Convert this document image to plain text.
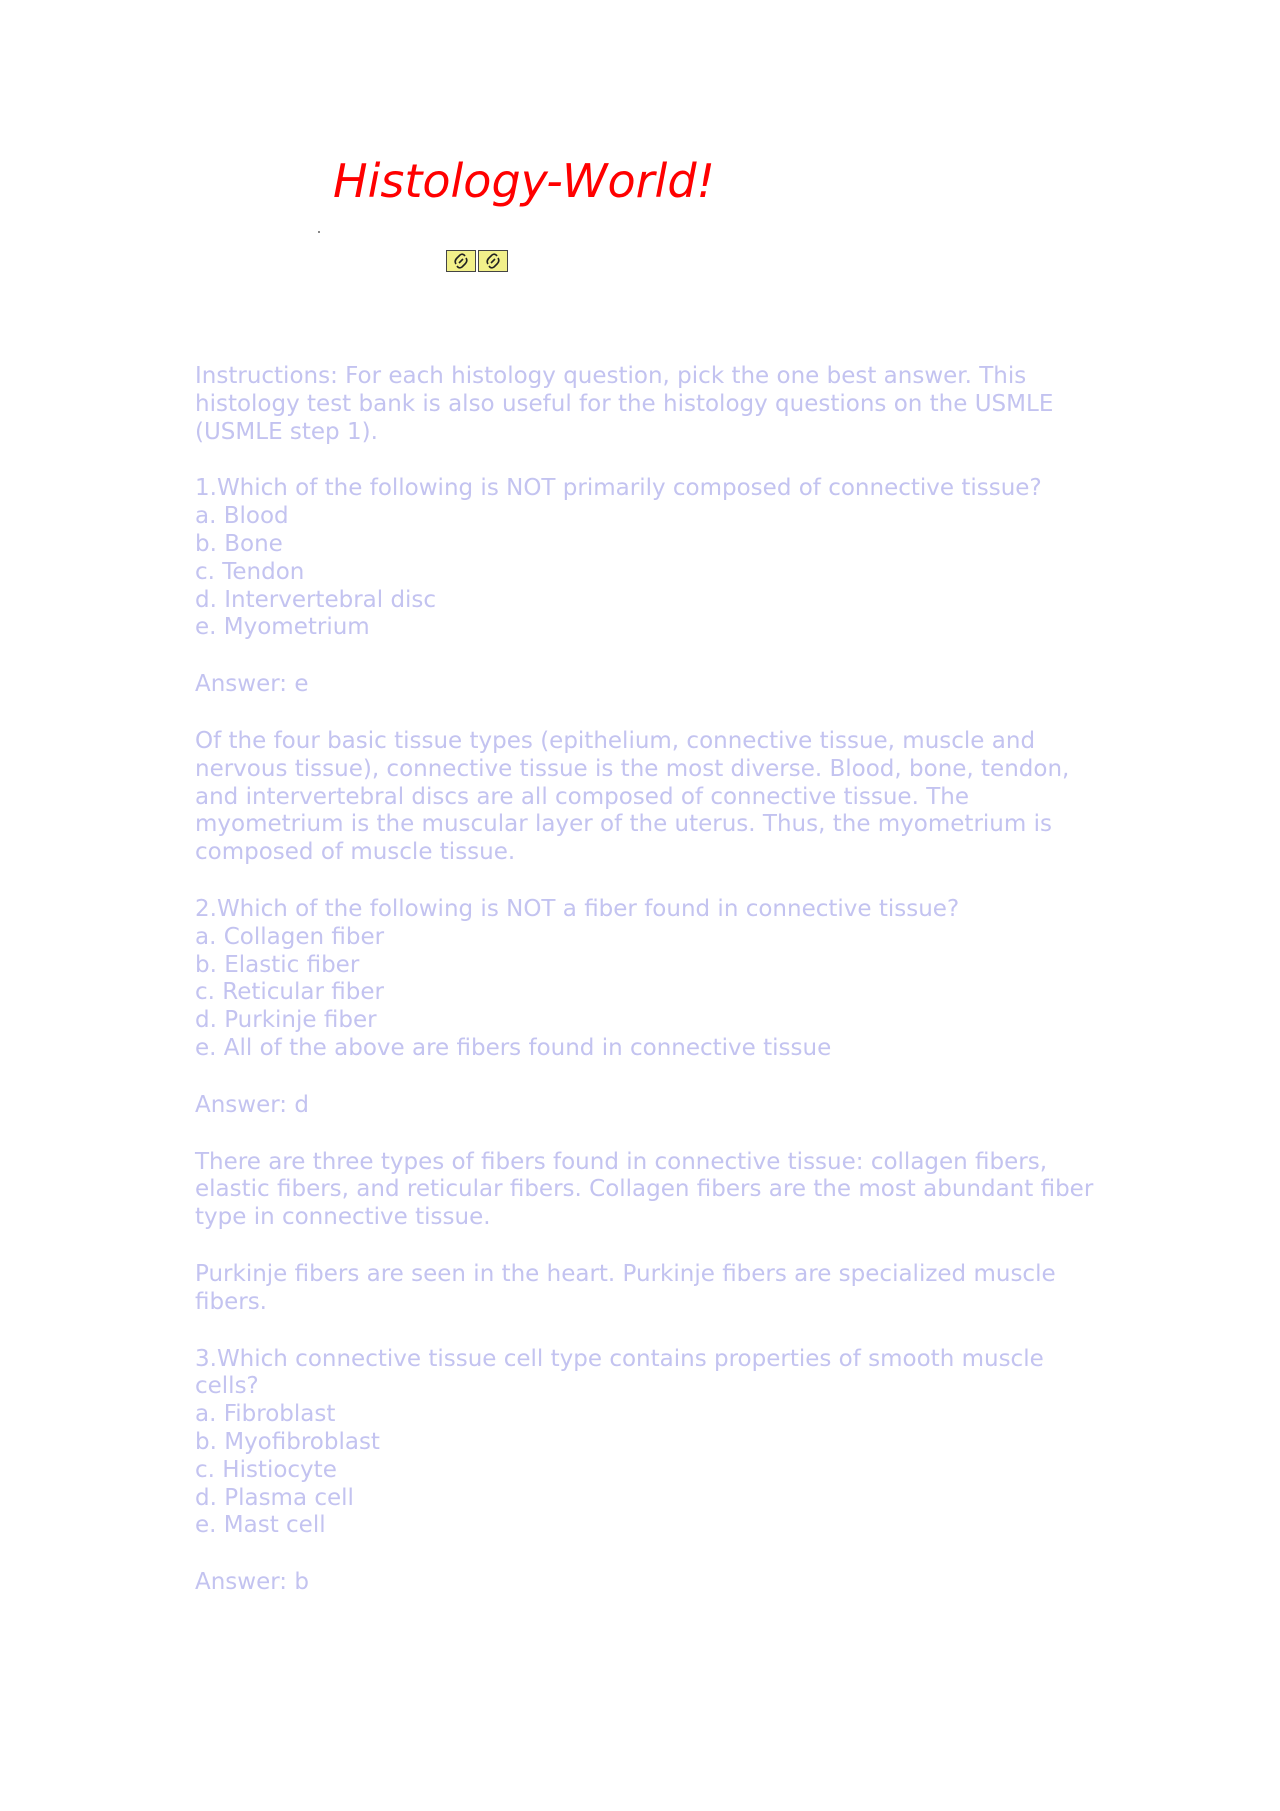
Histology-World!

Instructions: For each histology question, pick the one best answer. This histology test bank is also useful for the histology questions on the USMLE (USMLE step 1).

1.Which of the following is NOT primarily composed of connective tissue?
a. Blood
b. Bone
c. Tendon
d. Intervertebral disc
e. Myometrium

Answer: e

Of the four basic tissue types (epithelium, connective tissue, muscle and nervous tissue), connective tissue is the most diverse. Blood, bone, tendon, and intervertebral discs are all composed of connective tissue. The myometrium is the muscular layer of the uterus. Thus, the myometrium is composed of muscle tissue.

2.Which of the following is NOT a fiber found in connective tissue?
a. Collagen fiber
b. Elastic fiber
c. Reticular fiber
d. Purkinje fiber
e. All of the above are fibers found in connective tissue

Answer: d

There are three types of fibers found in connective tissue: collagen fibers, elastic fibers, and reticular fibers. Collagen fibers are the most abundant fiber type in connective tissue.

Purkinje fibers are seen in the heart. Purkinje fibers are specialized muscle fibers.

3.Which connective tissue cell type contains properties of smooth muscle cells?
a. Fibroblast
b. Myofibroblast
c. Histiocyte
d. Plasma cell
e. Mast cell

Answer: b
